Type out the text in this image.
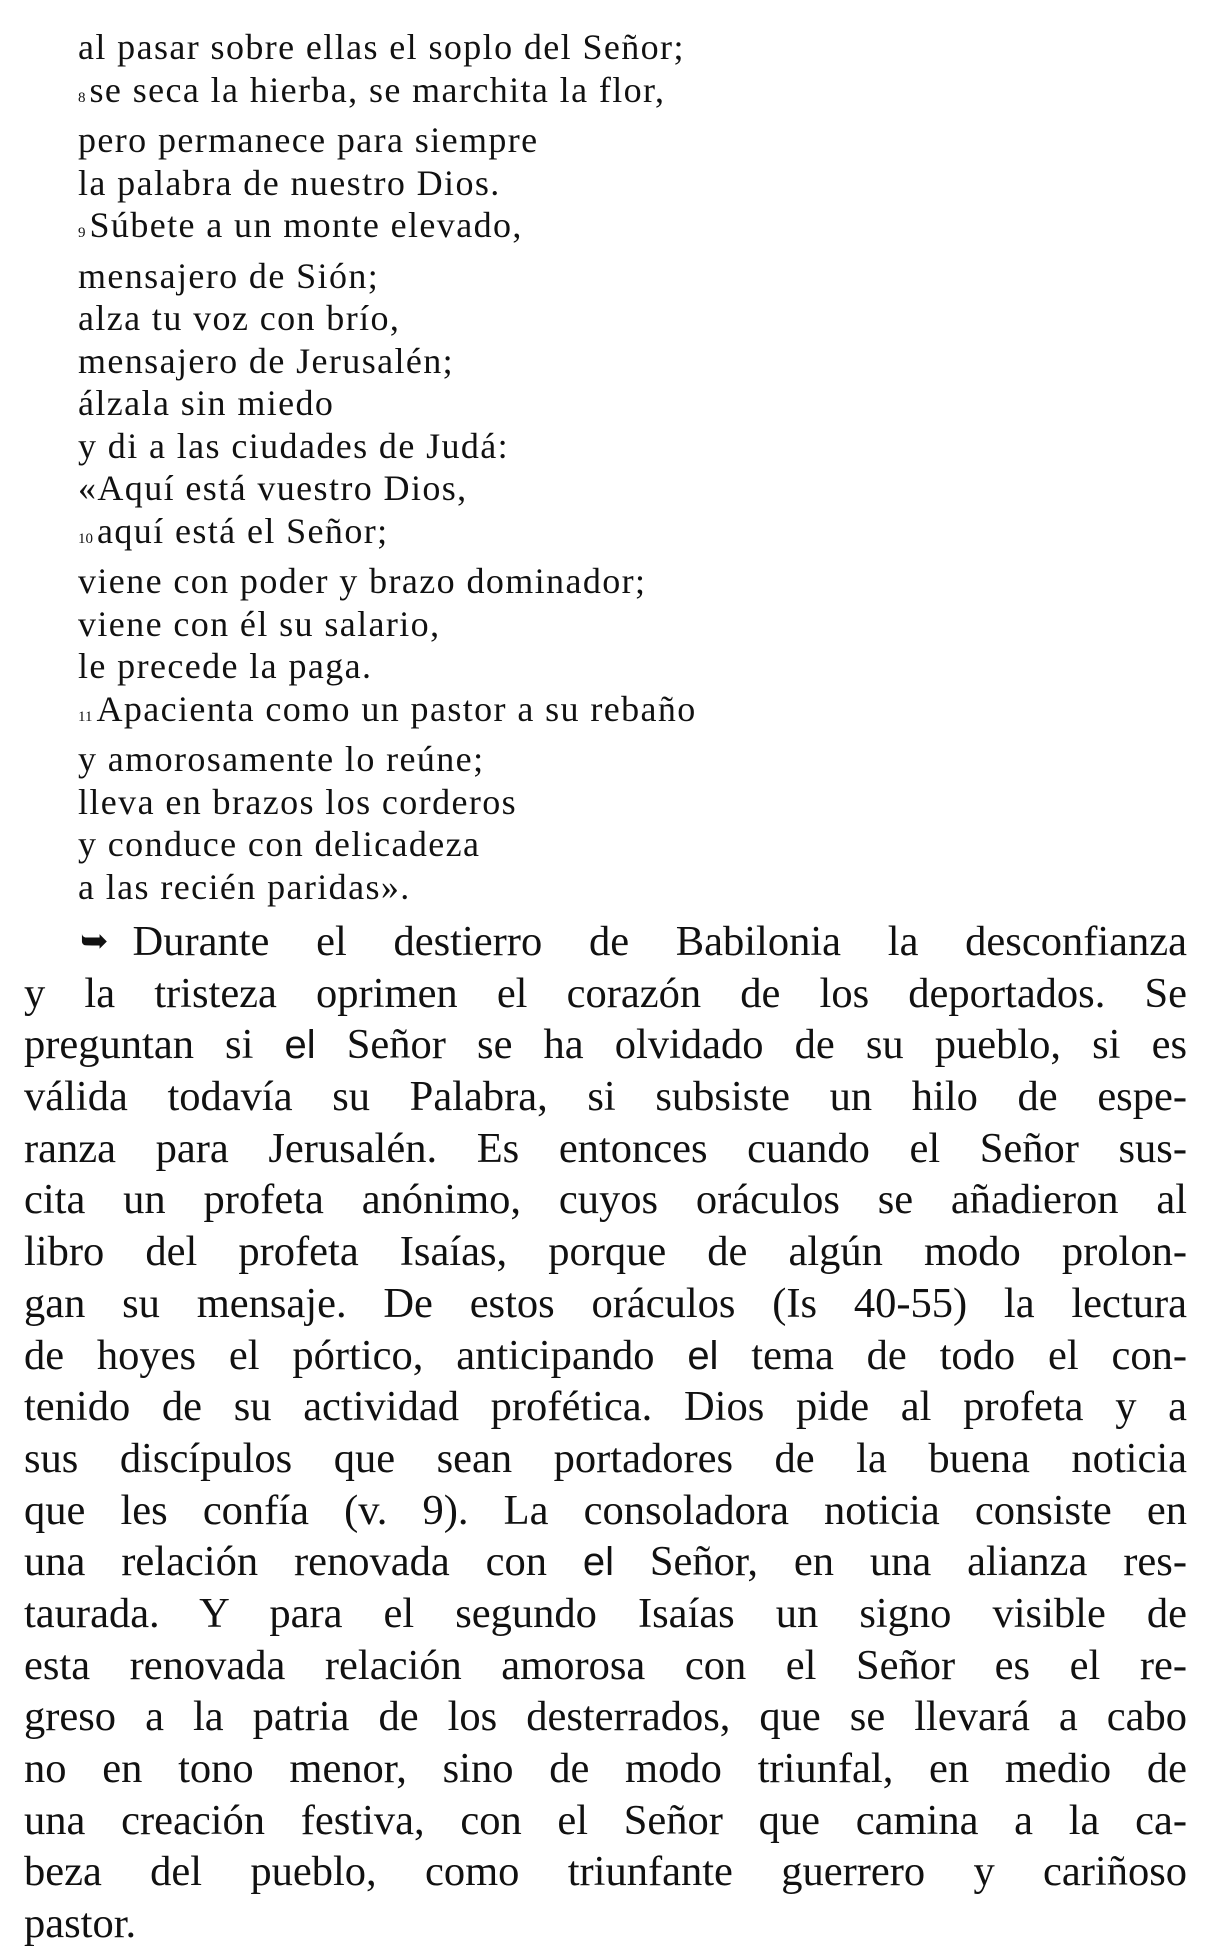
al pasar sobre ellas el soplo del Señor;
8 se seca la hierba, se marchita la flor,
pero permanece para siempre
la palabra de nuestro Dios.
9 Súbete a un monte elevado,
mensajero de Sión;
alza tu voz con brío,
mensajero de Jerusalén;
álzala sin miedo
y di a las ciudades de Judá:
«Aquí está vuestro Dios,
10 aquí está el Señor;
viene con poder y brazo dominador;
viene con él su salario,
le precede la paga.
11 Apacienta como un pastor a su rebaño
y amorosamente lo reúne;
lleva en brazos los corderos
y conduce con delicadeza
a las recién paridas».
➥ Durante el destierro de Babilonia la desconfianza
y la tristeza oprimen el corazón de los deportados. Se
preguntan si el Señor se ha olvidado de su pueblo, si es
válida todavía su Palabra, si subsiste un hilo de espe-
ranza para Jerusalén. Es entonces cuando el Señor sus-
cita un profeta anónimo, cuyos oráculos se añadieron al
libro del profeta Isaías, porque de algún modo prolon-
gan su mensaje. De estos oráculos (Is 40-55) la lectura
de hoyes el pórtico, anticipando el tema de todo el con-
tenido de su actividad profética. Dios pide al profeta y a
sus discípulos que sean portadores de la buena noticia
que les confía (v. 9). La consoladora noticia consiste en
una relación renovada con el Señor, en una alianza res-
taurada. Y para el segundo Isaías un signo visible de
esta renovada relación amorosa con el Señor es el re-
greso a la patria de los desterrados, que se llevará a cabo
no en tono menor, sino de modo triunfal, en medio de
una creación festiva, con el Señor que camina a la ca-
beza del pueblo, como triunfante guerrero y cariñoso
pastor.
